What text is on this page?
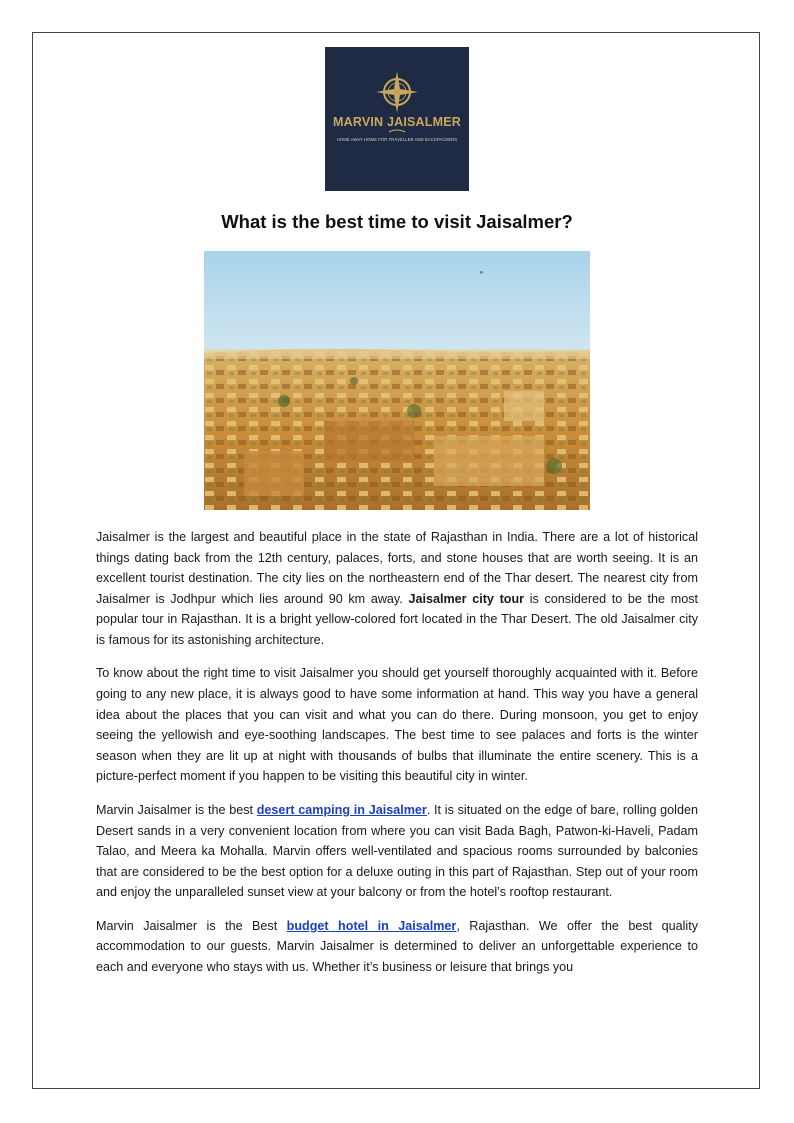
MARVIN JAISALMER
HOME AWAY HOME FOR TRAVELLER AND BACKPACKERS
What is the best time to visit Jaisalmer?

Jaisalmer is the largest and beautiful place in the state of Rajasthan in India. There are a lot of historical things dating back from the 12th century, palaces, forts, and stone houses that are worth seeing. It is an excellent tourist destination. The city lies on the northeastern end of the Thar desert. The nearest city from Jaisalmer is Jodhpur which lies around 90 km away. Jaisalmer city tour is considered to be the most popular tour in Rajasthan. It is a bright yellow-colored fort located in the Thar Desert. The old Jaisalmer city is famous for its astonishing architecture.

To know about the right time to visit Jaisalmer you should get yourself thoroughly acquainted with it. Before going to any new place, it is always good to have some information at hand. This way you have a general idea about the places that you can visit and what you can do there. During monsoon, you get to enjoy seeing the yellowish and eye-soothing landscapes. The best time to see palaces and forts is the winter season when they are lit up at night with thousands of bulbs that illuminate the entire scenery. This is a picture-perfect moment if you happen to be visiting this beautiful city in winter.

Marvin Jaisalmer is the best desert camping in Jaisalmer. It is situated on the edge of bare, rolling golden Desert sands in a very convenient location from where you can visit Bada Bagh, Patwon-ki-Haveli, Padam Talao, and Meera ka Mohalla. Marvin offers well-ventilated and spacious rooms surrounded by balconies that are considered to be the best option for a deluxe outing in this part of Rajasthan. Step out of your room and enjoy the unparalleled sunset view at your balcony or from the hotel’s rooftop restaurant.

Marvin Jaisalmer is the Best budget hotel in Jaisalmer, Rajasthan. We offer the best quality accommodation to our guests. Marvin Jaisalmer is determined to deliver an unforgettable experience to each and everyone who stays with us. Whether it’s business or leisure that brings you
